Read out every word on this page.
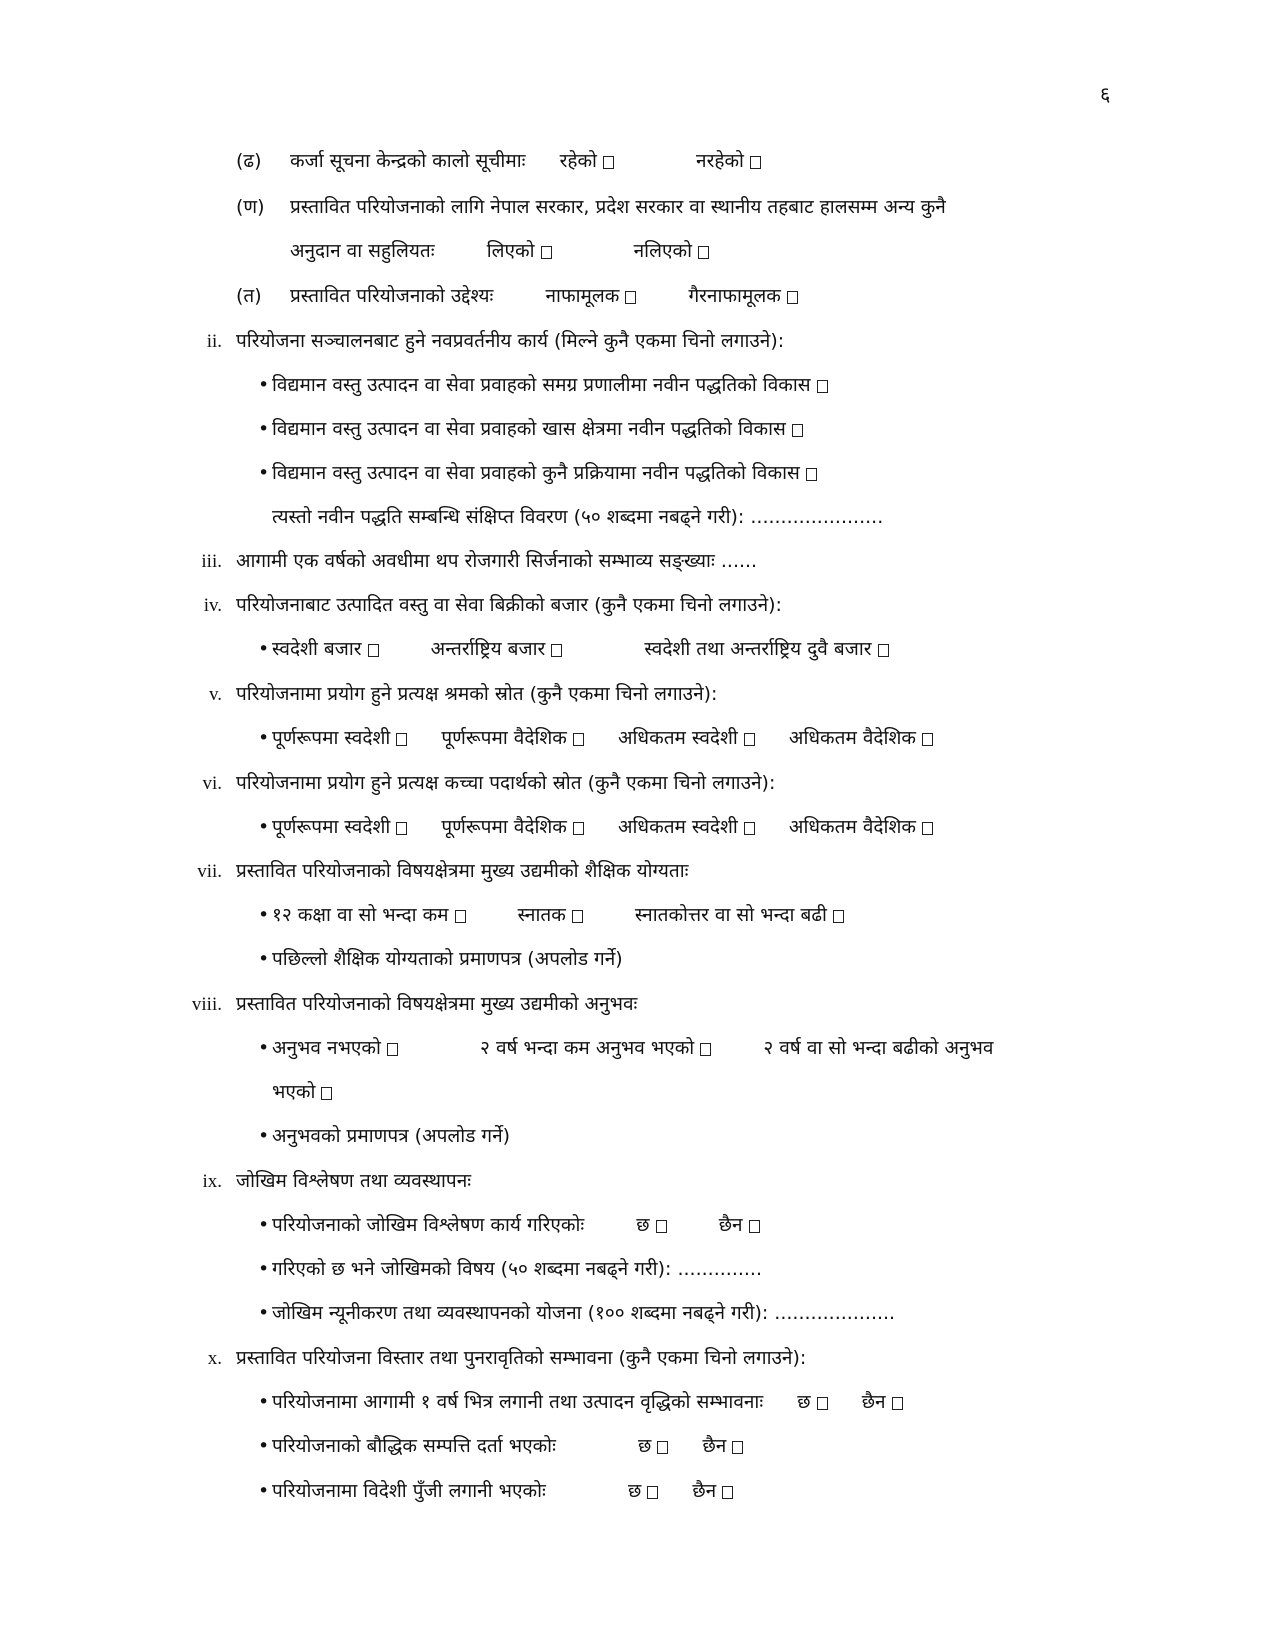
६
(ढ) कर्जा सूचना केन्द्रको कालो सूचीमाः रहेको	नरहेको
(ण) प्रस्तावित परियोजनाको लागि नेपाल सरकार, प्रदेश सरकार वा स्थानीय तहबाट हालसम्म अन्य कुनै
अनुदान वा सहुलियतः	लिएको	नलिएको
(त) प्रस्तावित परियोजनाको उद्देश्यः	नाफामूलक	गैरनाफामूलक
ii. परियोजना सञ्चालनबाट हुने नवप्रवर्तनीय कार्य (मिल्ने कुनै एकमा चिनो लगाउने):
• विद्यमान वस्तु उत्पादन वा सेवा प्रवाहको समग्र प्रणालीमा नवीन पद्धतिको विकास
• विद्यमान वस्तु उत्पादन वा सेवा प्रवाहको खास क्षेत्रमा नवीन पद्धतिको विकास
• विद्यमान वस्तु उत्पादन वा सेवा प्रवाहको कुनै प्रक्रियामा नवीन पद्धतिको विकास
त्यस्तो नवीन पद्धति सम्बन्धि संक्षिप्त विवरण (५० शब्दमा नबढ्ने गरी): ......................
iii. आगामी एक वर्षको अवधीमा थप रोजगारी सिर्जनाको सम्भाव्य सङ्ख्याः ......
iv. परियोजनाबाट उत्पादित वस्तु वा सेवा बिक्रीको बजार (कुनै एकमा चिनो लगाउने):
• स्वदेशी बजार	अन्तर्राष्ट्रिय बजार	स्वदेशी तथा अन्तर्राष्ट्रिय दुवै बजार
v. परियोजनामा प्रयोग हुने प्रत्यक्ष श्रमको स्रोत (कुनै एकमा चिनो लगाउने):
• पूर्णरूपमा स्वदेशी	पूर्णरूपमा वैदेशिक	अधिकतम स्वदेशी	अधिकतम वैदेशिक
vi. परियोजनामा प्रयोग हुने प्रत्यक्ष कच्चा पदार्थको स्रोत (कुनै एकमा चिनो लगाउने):
• पूर्णरूपमा स्वदेशी	पूर्णरूपमा वैदेशिक	अधिकतम स्वदेशी	अधिकतम वैदेशिक
vii. प्रस्तावित परियोजनाको विषयक्षेत्रमा मुख्य उद्यमीको शैक्षिक योग्यताः
• १२ कक्षा वा सो भन्दा कम	स्नातक	स्नातकोत्तर वा सो भन्दा बढी
• पछिल्लो शैक्षिक योग्यताको प्रमाणपत्र (अपलोड गर्ने)
viii. प्रस्तावित परियोजनाको विषयक्षेत्रमा मुख्य उद्यमीको अनुभवः
• अनुभव नभएको	२ वर्ष भन्दा कम अनुभव भएको	२ वर्ष वा सो भन्दा बढीको अनुभव
भएको
• अनुभवको प्रमाणपत्र (अपलोड गर्ने)
ix. जोखिम विश्लेषण तथा व्यवस्थापनः
• परियोजनाको जोखिम विश्लेषण कार्य गरिएकोः	छ	छैन
• गरिएको छ भने जोखिमको विषय (५० शब्दमा नबढ्ने गरी): ..............
• जोखिम न्यूनीकरण तथा व्यवस्थापनको योजना (१०० शब्दमा नबढ्ने गरी): ....................
x. प्रस्तावित परियोजना विस्तार तथा पुनरावृतिको सम्भावना (कुनै एकमा चिनो लगाउने):
• परियोजनामा आगामी १ वर्ष भित्र लगानी तथा उत्पादन वृद्धिको सम्भावनाः छ	छैन
• परियोजनाको बौद्धिक सम्पत्ति दर्ता भएकोः	छ	छैन
• परियोजनामा विदेशी पुँजी लगानी भएकोः	छ	छैन
